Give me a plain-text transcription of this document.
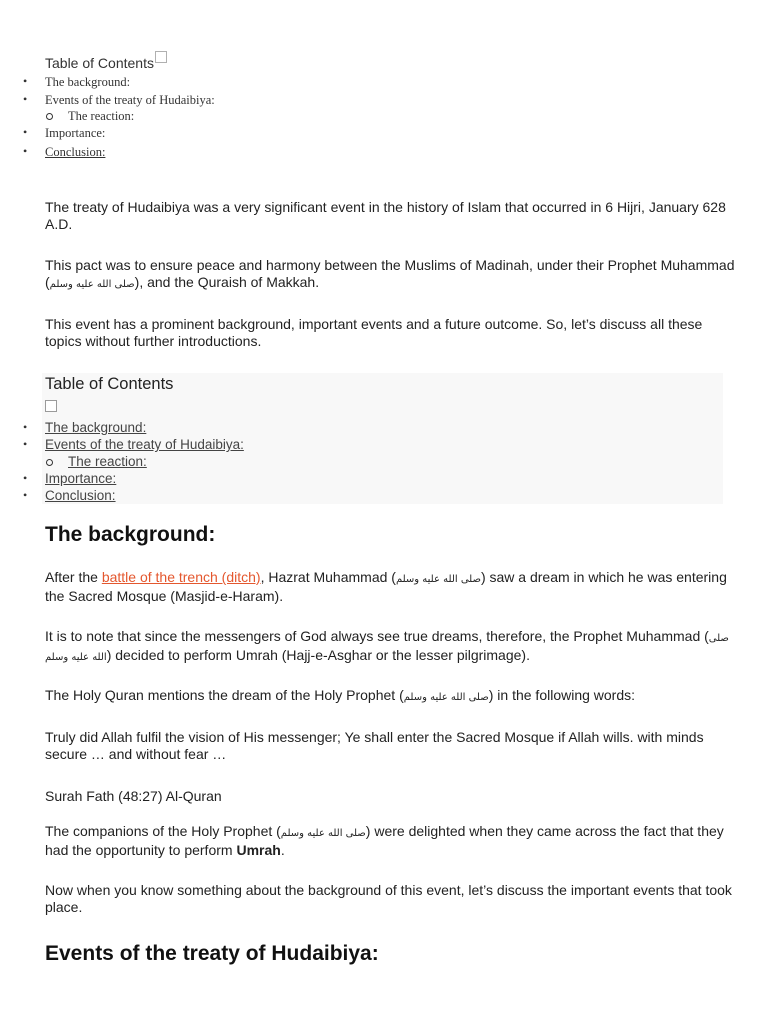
Table of Contents
• The background:
• Events of the treaty of Hudaibiya:
The reaction:
• Importance:
• Conclusion:

The treaty of Hudaibiya was a very significant event in the history of Islam that occurred in 6 Hijri, January 628 A.D.

This pact was to ensure peace and harmony between the Muslims of Madinah, under their Prophet Muhammad (صلى الله عليه وسلم), and the Quraish of Makkah.

This event has a prominent background, important events and a future outcome. So, let’s discuss all these topics without further introductions.

Table of Contents
• The background:
• Events of the treaty of Hudaibiya:
The reaction:
• Importance:
• Conclusion:
The background:

After the battle of the trench (ditch), Hazrat Muhammad (صلى الله عليه وسلم) saw a dream in which he was entering the Sacred Mosque (Masjid-e-Haram).

It is to note that since the messengers of God always see true dreams, therefore, the Prophet Muhammad (صلى الله عليه وسلم) decided to perform Umrah (Hajj-e-Asghar or the lesser pilgrimage).

The Holy Quran mentions the dream of the Holy Prophet (صلى الله عليه وسلم) in the following words:

Truly did Allah fulfil the vision of His messenger; Ye shall enter the Sacred Mosque if Allah wills. with minds secure … and without fear …

Surah Fath (48:27) Al-Quran

The companions of the Holy Prophet (صلى الله عليه وسلم) were delighted when they came across the fact that they had the opportunity to perform Umrah.

Now when you know something about the background of this event, let’s discuss the important events that took place.

Events of the treaty of Hudaibiya:
